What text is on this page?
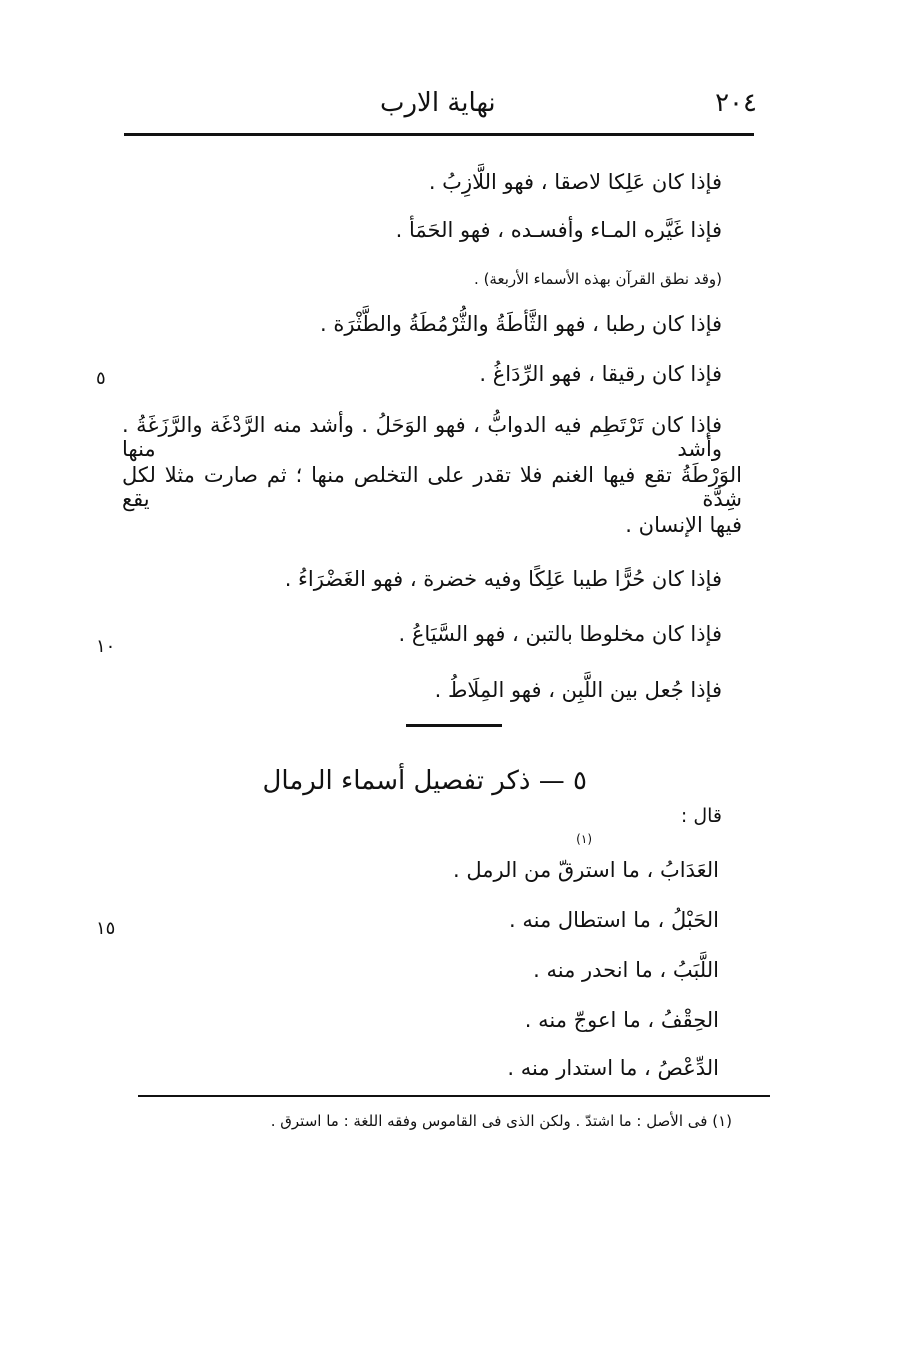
٢٠٤
نهاية الارب
فإذا كان عَلِكا لاصقا ، فهو اللَّازِبُ .
فإذا غَيَّره المـاء وأفسـده ، فهو الحَمَأ .
(وقد نطق القرآن بهذه الأسماء الأربعة) .
فإذا كان رطبا ، فهو الثَّأطَةُ والثُّرْمُطَةُ والطَّثْرَة .
فإذا كان رقيقا ، فهو الرِّدَاغُ .
فإذا كان تَرْتَطِم فيه الدوابُّ ، فهو الوَحَلُ . وأشد منه الرَّدْغَة والرَّزَغَةُ . وأشد منها
الوَرْطَةُ تقع فيها الغنم فلا تقدر على التخلص منها ؛ ثم صارت مثلا لكل شِدَّة يقع
فيها الإنسان .
فإذا كان حُرًّا طيبا عَلِكًا وفيه خضرة ، فهو الغَضْرَاءُ .
فإذا كان مخلوطا بالتبن ، فهو السَّيَاعُ .
فإذا جُعل بين اللَّبِن ، فهو المِلَاطُ .
٥
١٠
١٥
٥ — ذكر تفصيل أسماء الرمال
قال :
(١)
العَدَابُ ، ما استرقّ من الرمل .
الحَبْلُ ، ما استطال منه .
اللَّبَبُ ، ما انحدر منه .
الحِقْفُ ، ما اعوجّ منه .
الدِّعْصُ ، ما استدار منه .
(١) فى الأصل : ما اشتدّ . ولكن الذى فى القاموس وفقه اللغة : ما استرق .
